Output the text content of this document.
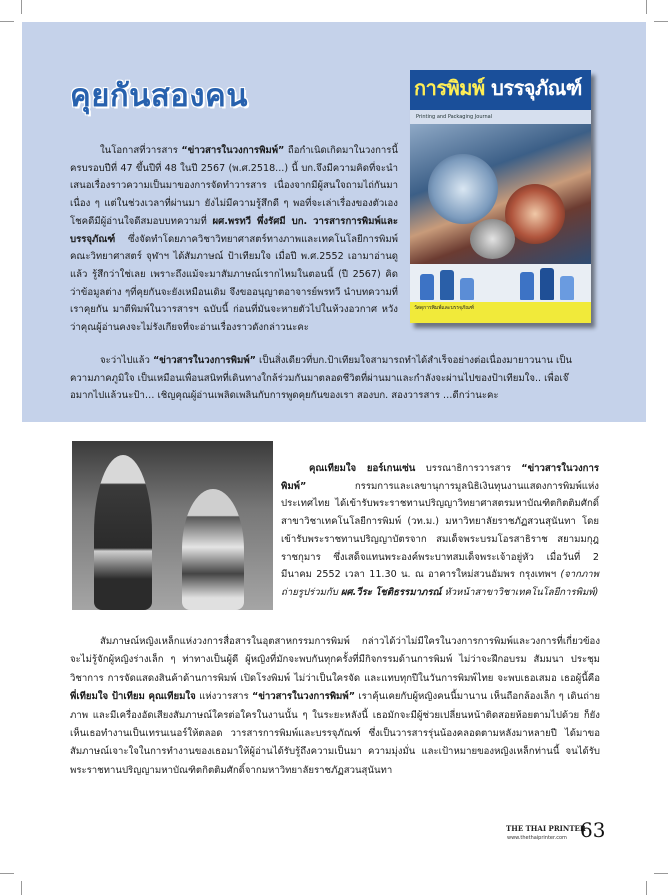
คุยกันสองคน	การพิมพ์ บรรจุภัณฑ์
Printing and Packaging Journal
วัสดุการพิมพ์และบรรจุภัณฑ์

ในโอกาสที่วารสาร “ข่าวสารในวงการพิมพ์” ถือกำเนิดเกิดมาในวงการนี้ ครบรอบปีที่ 47 ขึ้นปีที่ 48 ในปี 2567 (พ.ศ.2518...) นี้ บก.จึงมีความคิดที่จะนำเสนอเรื่องราวความเป็นมาของการจัดทำวารสาร เนื่องจากมีผู้สนใจถามไถ่กันมาเนื่อง ๆ แต่ในช่วงเวลาที่ผ่านมา ยังไม่มีความรู้สึกดี ๆ พอที่จะเล่าเรื่องของตัวเอง โชคดีมีผู้อ่านใจดีสมอบบทความที่ ผศ.พรทวี พึ่งรัศมี บก. วารสารการพิมพ์และบรรจุภัณฑ์ ซึ่งจัดทำโดยภาควิชาวิทยาศาสตร์ทางภาพและเทคโนโลยีการพิมพ์ คณะวิทยาศาสตร์ จุฬาฯ ได้สัมภาษณ์ ป้าเทียมใจ เมื่อปี พ.ศ.2552 เอามาอ่านดูแล้ว รู้สึกว่าใช่เลย เพราะถึงแม้จะมาสัมภาษณ์เรากไหมในตอนนี้ (ปี 2567) คิดว่าข้อมูลต่าง ๆที่คุยกันจะยังเหมือนเดิม จึงขออนุญาตอาจารย์พรทวี นำบทความที่เราคุยกัน มาตีพิมพ์ในวารสารฯ ฉบับนี้ ก่อนที่มันจะหายตัวไปในห้วงอวกาศ หวังว่าคุณผู้อ่านคงจะไม่รังเกียจที่จะอ่านเรื่องราวดังกล่าวนะคะ

จะว่าไปแล้ว “ข่าวสารในวงการพิมพ์” เป็นสิ่งเดียวที่บก.ป้าเทียมใจสามารถทำได้สำเร็จอย่างต่อเนื่องมายาวนาน เป็นความภาคภูมิใจ เป็นเหมือนเพื่อนสนิทที่เดินทางใกล้ร่วมกันมาตลอดชีวิตที่ผ่านมาและกำลังจะผ่านไปของป้าเทียมใจ.. เพื่อเจ๊อมากไปแล้วนะป้า… เชิญคุณผู้อ่านเพลิดเพลินกับการพูดคุยกันของเรา สองบก. สองวารสาร …ดีกว่านะคะ

คุณเทียมใจ ยอร์เกนเซ่น บรรณาธิการวารสาร “ข่าวสารในวงการพิมพ์” กรรมการและเลขานุการมูลนิธิเงินทุนงานแสดงการพิมพ์แห่งประเทศไทย ได้เข้ารับพระราชทานปริญญาวิทยาศาสตรมหาบัณฑิตกิตติมศักดิ์ สาขาวิชาเทคโนโลยีการพิมพ์ (วท.ม.) มหาวิทยาลัยราชภัฏสวนสุนันทา โดยเข้ารับพระราชทานปริญญาบัตรจาก สมเด็จพระบรมโอรสาธิราช สยามมกุฎราชกุมาร ซึ่งเสด็จแทนพระองค์พระบาทสมเด็จพระเจ้าอยู่หัว เมื่อวันที่ 2 มีนาคม 2552 เวลา 11.30 น. ณ อาคารใหม่สวนอัมพร กรุงเทพฯ (จากภาพ ถ่ายรูปร่วมกับ ผศ.วีระ โชติธรรมาภรณ์ หัวหน้าสาขาวิชาเทคโนโลยีการพิมพ์)

สัมภาษณ์หญิงเหล็กแห่งวงการสื่อสารในอุตสาหกรรมการพิมพ์ กล่าวได้ว่าไม่มีใครในวงการการพิมพ์และวงการที่เกี่ยวข้องจะไม่รู้จักผู้หญิงร่างเล็ก ๆ ท่าทางเป็นผู้ดี ผู้หญิงที่มักจะพบกันทุกครั้งที่มีกิจกรรมด้านการพิมพ์ ไม่ว่าจะฝึกอบรม สัมมนา ประชุมวิชาการ การจัดแสดงสินค้าด้านการพิมพ์ เปิดโรงพิมพ์ ไม่ว่าเป็นใครจัด และแทบทุกปีในวันการพิมพ์ไทย จะพบเธอเสมอ เธอผู้นี้คือ พี่เทียมใจ ป้าเทียม คุณเทียมใจ แห่งวารสาร “ข่าวสารในวงการพิมพ์” เราคุ้นเคยกับผู้หญิงคนนี้มานาน เห็นถือกล้องเล็ก ๆ เดินถ่ายภาพ และมีเครื่องอัดเสียงสัมภาษณ์ใครต่อใครในงานนั้น ๆ ในระยะหลังนี้ เธอมักจะมีผู้ช่วยเปลี่ยนหน้าติดสอยห้อยตามไปด้วย ก็ยังเห็นเธอทำงานเป็นเทรนเนอร์ให้ตลอด วารสารการพิมพ์และบรรจุภัณฑ์ ซึ่งเป็นวารสารรุ่นน้องคลอดตามหลังมาหลายปี ได้มาขอสัมภาษณ์เจาะใจในการทำงานของเธอมาให้ผู้อ่านได้รับรู้ถึงความเป็นมา ความมุ่งมั่น และเป้าหมายของหญิงเหล็กท่านนี้ จนได้รับพระราชทานปริญญามหาบัณฑิตกิตติมศักดิ์จากมหาวิทยาลัยราชภัฏสวนสุนันทา

THE THAI PRINTER
www.thethaiprinter.com 63
